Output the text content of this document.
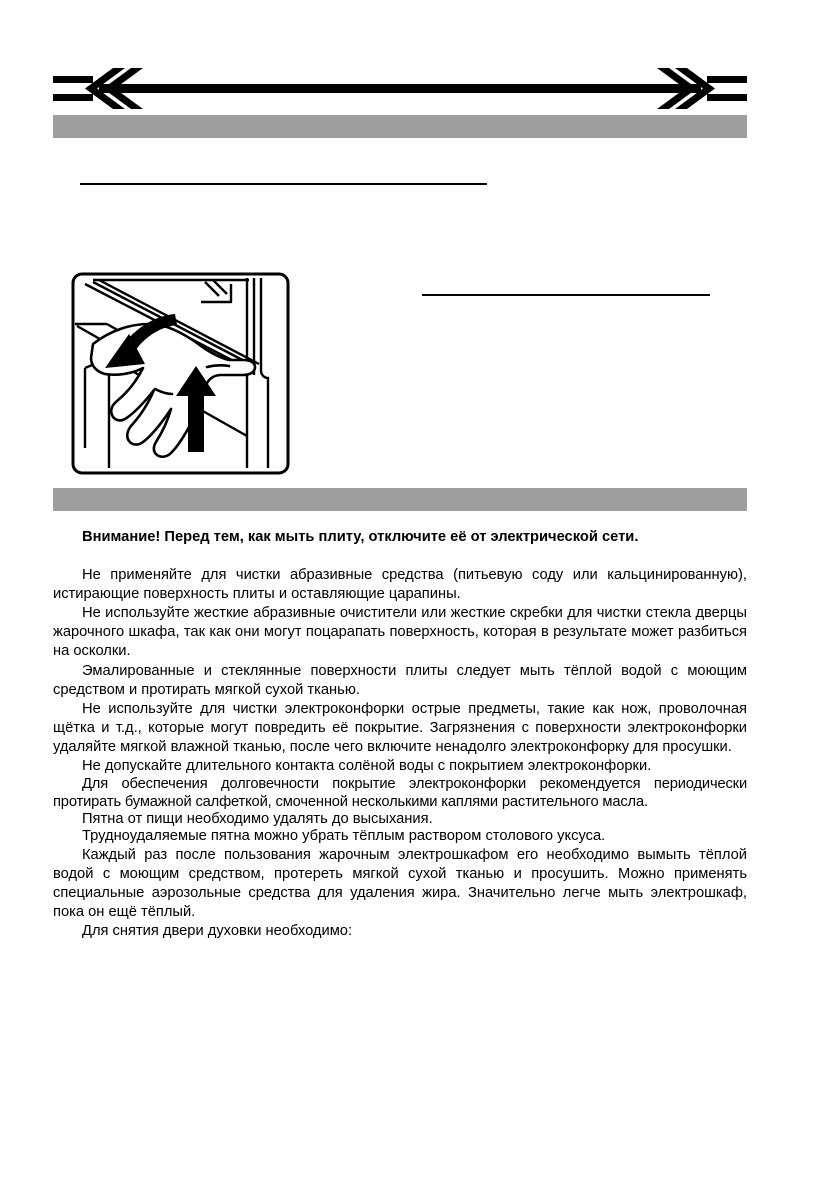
Внимание! Перед тем, как мыть плиту, отключите её от электрической сети.

Не применяйте для чистки абразивные средства (питьевую соду или кальцинированную), истирающие поверхность плиты и оставляющие царапины.

Не используйте жесткие абразивные очистители или жесткие скребки для чистки стекла дверцы жарочного шкафа, так как они могут поцарапать поверхность, которая в результате может разбиться на осколки.

Эмалированные и стеклянные поверхности плиты следует мыть тёплой водой с моющим средством и протирать мягкой сухой тканью.

Не используйте для чистки электроконфорки острые предметы, такие как нож, проволочная щётка и т.д., которые могут повредить её покрытие. Загрязнения с поверхности электроконфорки удаляйте мягкой влажной тканью, после чего включите ненадолго электроконфорку для просушки.

Не допускайте длительного контакта солёной воды с покрытием электроконфорки.

Для обеспечения долговечности покрытие электроконфорки рекомендуется периодически протирать бумажной салфеткой, смоченной несколькими каплями растительного масла.

Пятна от пищи необходимо удалять до высыхания.

Трудноудаляемые пятна можно убрать тёплым раствором столового уксуса.

Каждый раз после пользования жарочным электрошкафом его необходимо вымыть тёплой водой с моющим средством, протереть мягкой сухой тканью и просушить. Можно применять специальные аэрозольные средства для удаления жира. Значительно легче мыть электрошкаф, пока он ещё тёплый.

Для снятия двери духовки необходимо:
